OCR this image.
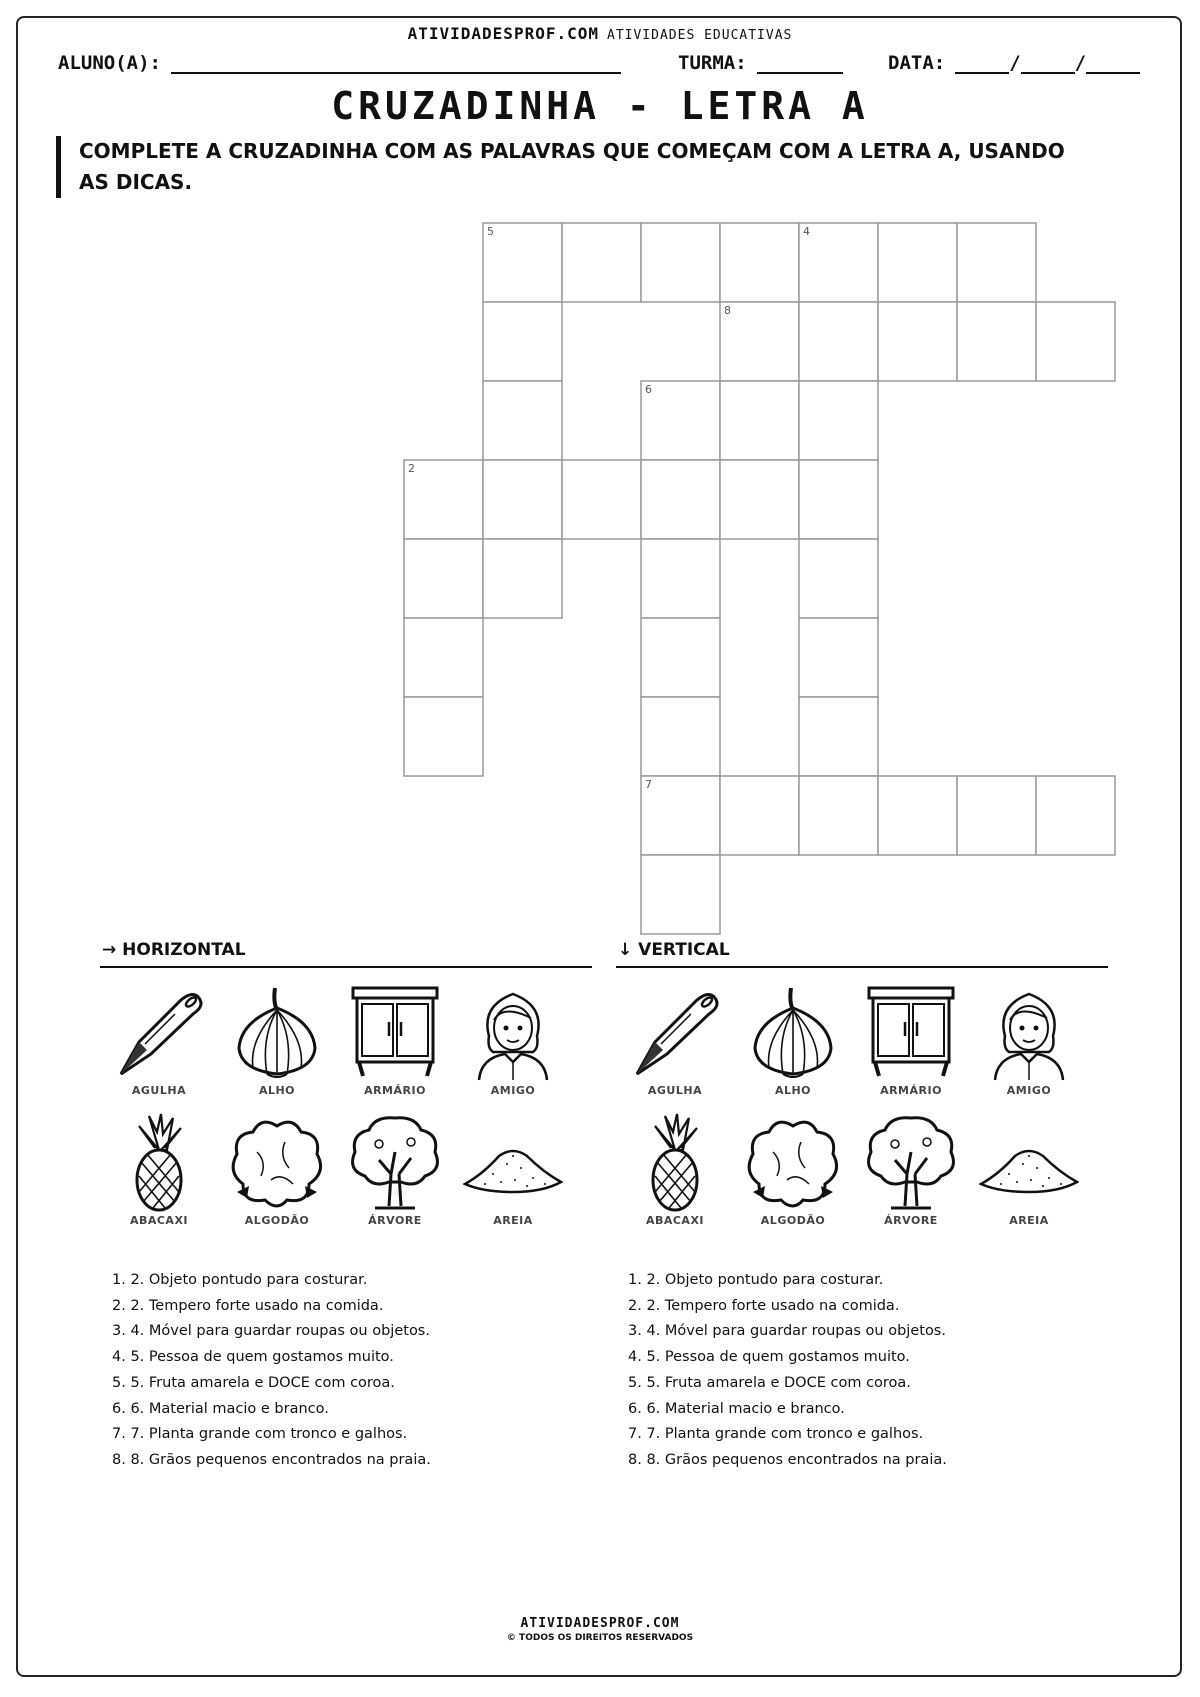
ATIVIDADESPROF.COM ATIVIDADES EDUCATIVAS
ALUNO(A):	TURMA:	DATA:	/	/
CRUZADINHA - LETRA A
COMPLETE A CRUZADINHA COM AS PALAVRAS QUE COMEÇAM COM A LETRA A, USANDO AS DICAS.
5	4
8
6
2
7
→ HORIZONTAL
AGULHA	ALHO	ARMÁRIO	AMIGO
ABACAXI	ALGODÃO	ÁRVORE	AREIA
1. 2. Objeto pontudo para costurar.
2. 2. Tempero forte usado na comida.
3. 4. Móvel para guardar roupas ou objetos.
4. 5. Pessoa de quem gostamos muito.
5. 5. Fruta amarela e DOCE com coroa.
6. 6. Material macio e branco.
7. 7. Planta grande com tronco e galhos.
8. 8. Grãos pequenos encontrados na praia.
↓ VERTICAL
AGULHA	ALHO	ARMÁRIO	AMIGO
ABACAXI	ALGODÃO	ÁRVORE	AREIA
1. 2. Objeto pontudo para costurar.
2. 2. Tempero forte usado na comida.
3. 4. Móvel para guardar roupas ou objetos.
4. 5. Pessoa de quem gostamos muito.
5. 5. Fruta amarela e DOCE com coroa.
6. 6. Material macio e branco.
7. 7. Planta grande com tronco e galhos.
8. 8. Grãos pequenos encontrados na praia.
ATIVIDADESPROF.COM
© TODOS OS DIREITOS RESERVADOS
